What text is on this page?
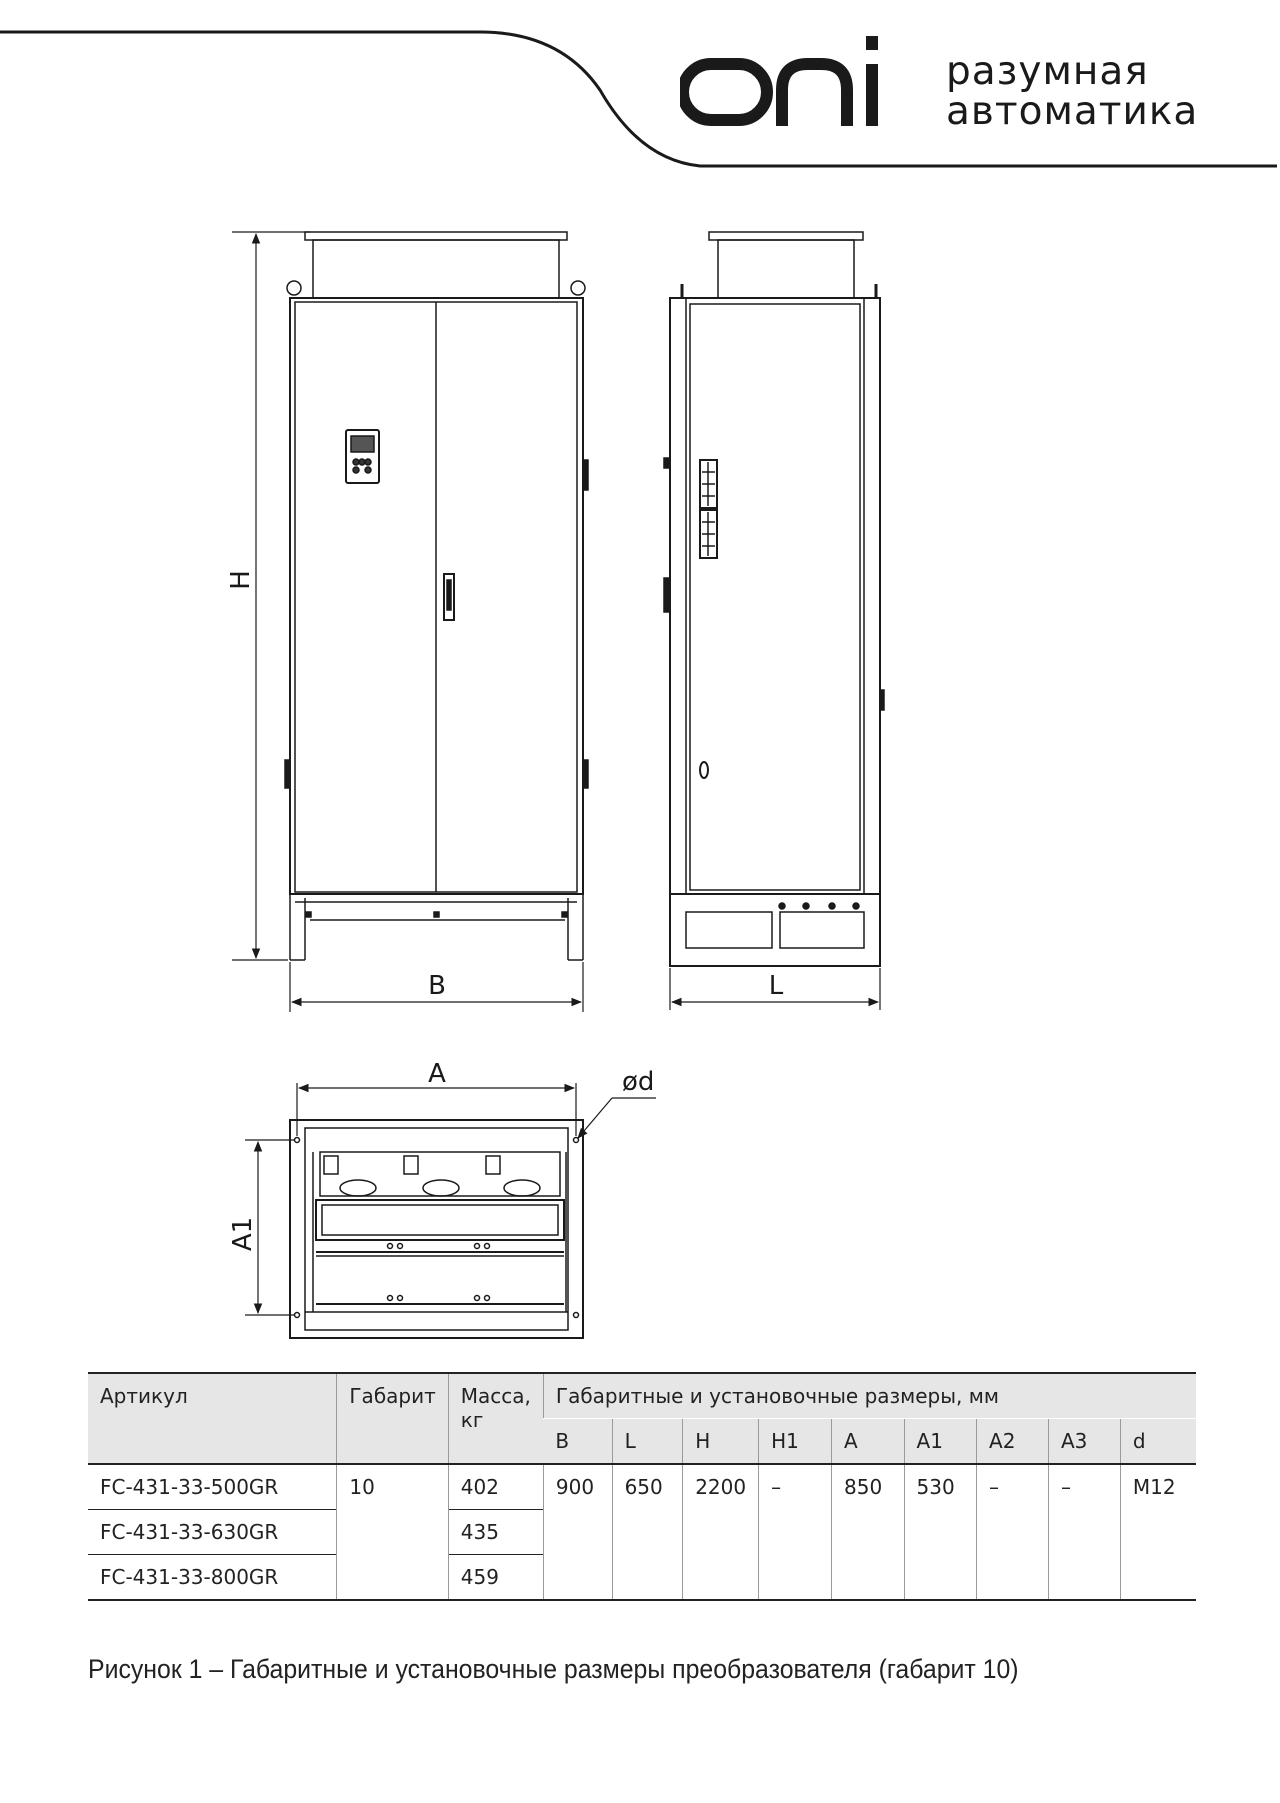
разумная
автоматика
H
B	L
A
A1
ød
Артикул	Габарит	Масса, кг	Габаритные и установочные размеры, мм								
			B	L	H	H1	A	A1	A2	A3	d
FC-431-33-500GR	10	402	900	650	2200	–	850	530	–	–	M12
FC-431-33-630GR		435									
FC-431-33-800GR		459									
Рисунок 1 – Габаритные и установочные размеры преобразователя (габарит 10)
